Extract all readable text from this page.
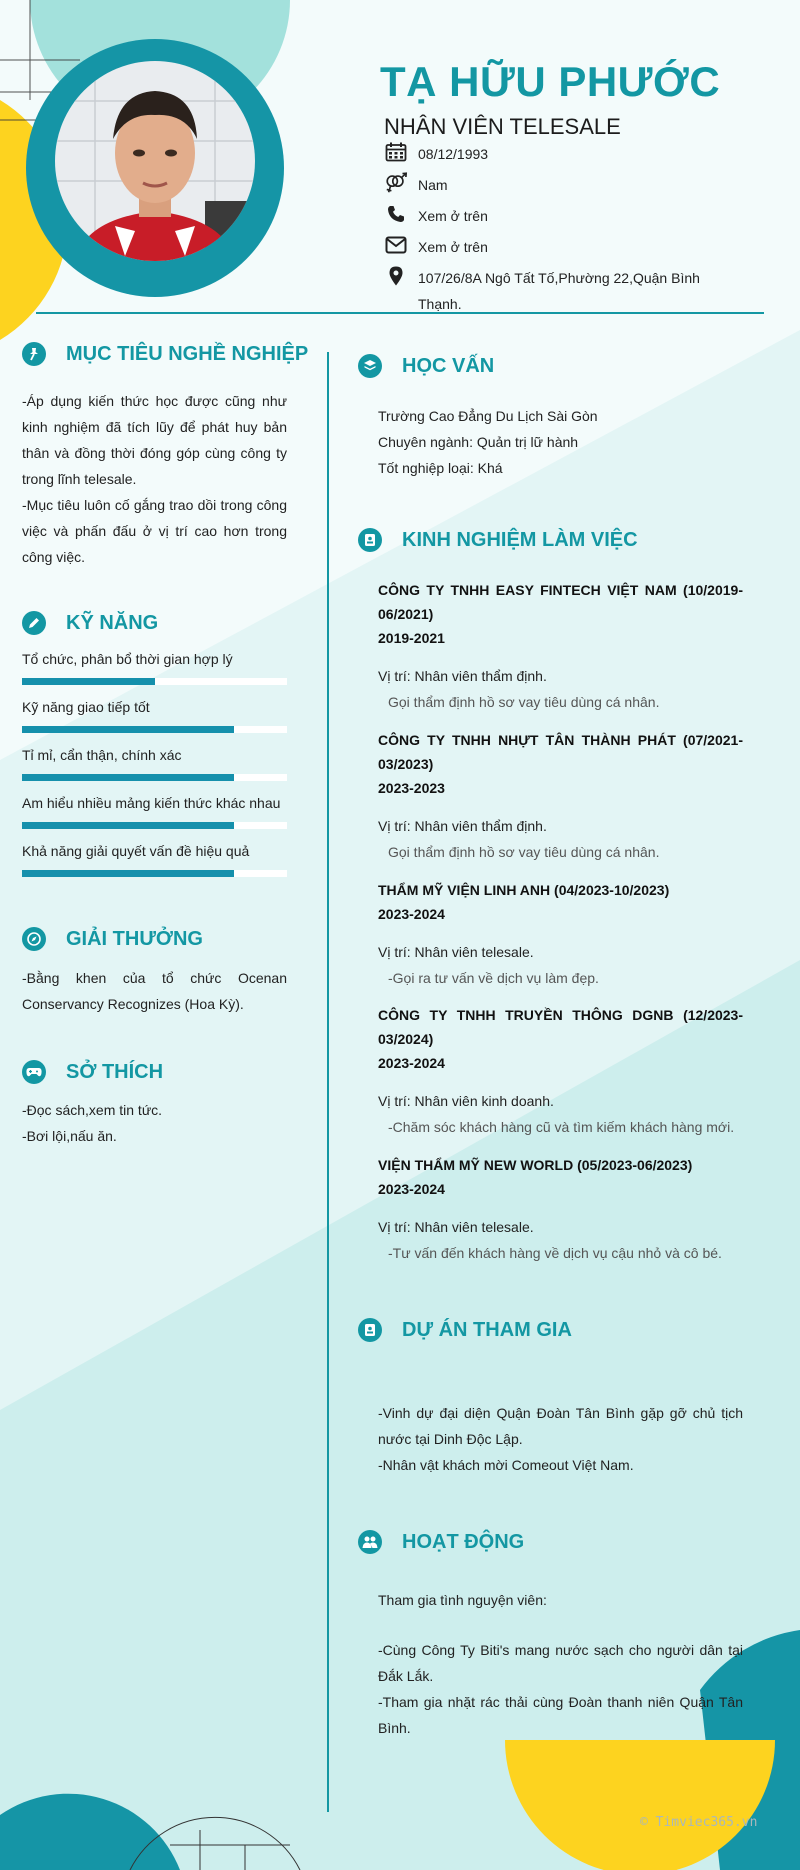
TẠ HỮU PHƯỚC
NHÂN VIÊN TELESALE
08/12/1993
Nam
Xem ở trên
Xem ở trên
107/26/8A Ngô Tất Tố,Phường 22,Quận Bình Thạnh.
MỤC TIÊU NGHỀ NGHIỆP
-Áp dụng kiến thức học được cũng như kinh nghiệm đã tích lũy để phát huy bản thân và đồng thời đóng góp cùng công ty trong lĩnh telesale.
-Mục tiêu luôn cố gắng trao dồi trong công việc và phấn đấu ở vị trí cao hơn trong công việc.
KỸ NĂNG
Tổ chức, phân bổ thời gian hợp lý
Kỹ năng giao tiếp tốt
Tỉ mỉ, cẩn thận, chính xác
Am hiểu nhiều mảng kiến thức khác nhau
Khả năng giải quyết vấn đề hiệu quả
GIẢI THƯỞNG
-Bằng khen của tổ chức Ocenan Conservancy Recognizes (Hoa Kỳ).
SỞ THÍCH
-Đọc sách,xem tin tức.
-Bơi lội,nấu ăn.
HỌC VẤN
Trường Cao Đẳng Du Lịch Sài Gòn
Chuyên ngành: Quản trị lữ hành
Tốt nghiệp loại: Khá
KINH NGHIỆM LÀM VIỆC
CÔNG TY TNHH EASY FINTECH VIỆT NAM (10/2019-06/2021)
2019-2021
Vị trí: Nhân viên thẩm định.
Gọi thẩm định hồ sơ vay tiêu dùng cá nhân.
CÔNG TY TNHH NHỰT TÂN THÀNH PHÁT (07/2021-03/2023)
2023-2023
Vị trí: Nhân viên thẩm định.
Gọi thẩm định hồ sơ vay tiêu dùng cá nhân.
THẨM MỸ VIỆN LINH ANH (04/2023-10/2023)
2023-2024
Vị trí: Nhân viên telesale.
-Gọi ra tư vấn về dịch vụ làm đẹp.
CÔNG TY TNHH TRUYỀN THÔNG DGNB (12/2023-03/2024)
2023-2024
Vị trí: Nhân viên kinh doanh.
-Chăm sóc khách hàng cũ và tìm kiếm khách hàng mới.
VIỆN THẨM MỸ NEW WORLD (05/2023-06/2023)
2023-2024
Vị trí: Nhân viên telesale.
-Tư vấn đến khách hàng về dịch vụ cậu nhỏ và cô bé.
DỰ ÁN THAM GIA
-Vinh dự đại diện Quận Đoàn Tân Bình gặp gỡ chủ tịch nước tại Dinh Độc Lập.
-Nhân vật khách mời Comeout Việt Nam.
HOẠT ĐỘNG
Tham gia tình nguyện viên:
-Cùng Công Ty Biti's mang nước sạch cho người dân tại Đắk Lắk.
-Tham gia nhặt rác thải cùng Đoàn thanh niên Quận Tân Bình.
© Timviec365.vn
